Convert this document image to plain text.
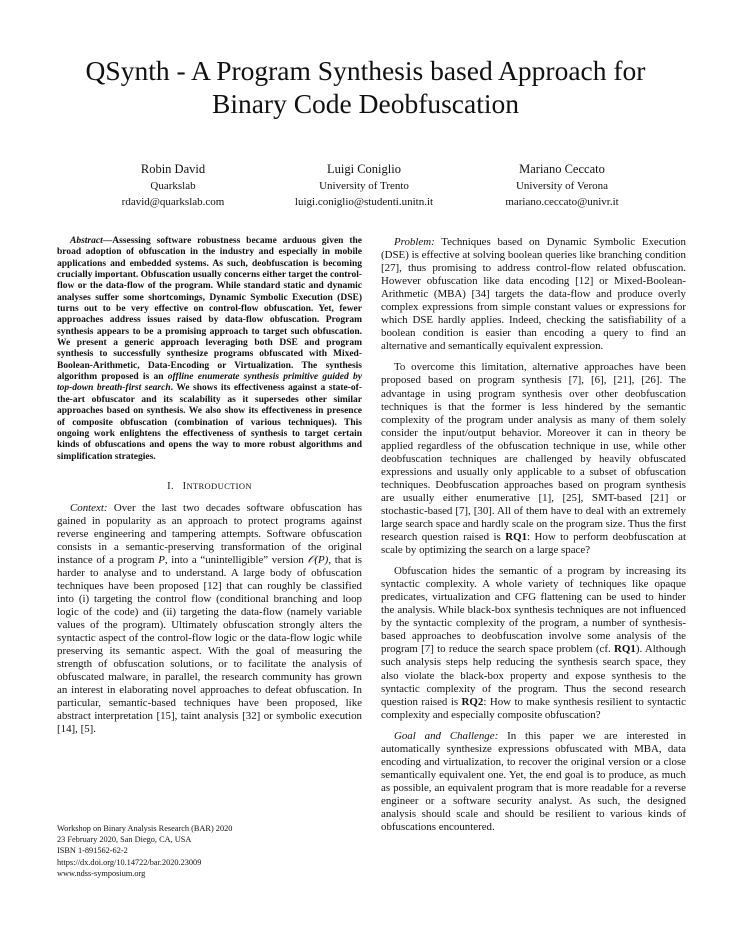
QSynth - A Program Synthesis based Approach for
Binary Code Deobfuscation
Robin David
Quarkslab
rdavid@quarkslab.com
Luigi Coniglio
University of Trento
luigi.coniglio@studenti.unitn.it
Mariano Ceccato
University of Verona
mariano.ceccato@univr.it

Abstract—Assessing software robustness became arduous given the broad adoption of obfuscation in the industry and especially in mobile applications and embedded systems. As such, deobfuscation is becoming crucially important. Obfuscation usually concerns either target the control-flow or the data-flow of the program. While standard static and dynamic analyses suffer some shortcomings, Dynamic Symbolic Execution (DSE) turns out to be very effective on control-flow obfuscation. Yet, fewer approaches address issues raised by data-flow obfuscation. Program synthesis appears to be a promising approach to target such obfuscation. We present a generic approach leveraging both DSE and program synthesis to successfully synthesize programs obfuscated with Mixed-Boolean-Arithmetic, Data-Encoding or Virtualization. The synthesis algorithm proposed is an offline enumerate synthesis primitive guided by top-down breath-first search. We shows its effectiveness against a state-of-the-art obfuscator and its scalability as it supersedes other similar approaches based on synthesis. We also show its effectiveness in presence of composite obfuscation (combination of various techniques). This ongoing work enlightens the effectiveness of synthesis to target certain kinds of obfuscations and opens the way to more robust algorithms and simplification strategies.

I. INTRODUCTION

Context: Over the last two decades software obfuscation has gained in popularity as an approach to protect programs against reverse engineering and tampering attempts. Software obfuscation consists in a semantic-preserving transformation of the original instance of a program P, into a “unintelligible” version 𝒪(P), that is harder to analyse and to understand. A large body of obfuscation techniques have been proposed [12] that can roughly be classified into (i) targeting the control flow (conditional branching and loop logic of the code) and (ii) targeting the data-flow (namely variable values of the program). Ultimately obfuscation strongly alters the syntactic aspect of the control-flow logic or the data-flow logic while preserving its semantic aspect. With the goal of measuring the strength of obfuscation solutions, or to facilitate the analysis of obfuscated malware, in parallel, the research community has grown an interest in elaborating novel approaches to defeat obfuscation. In particular, semantic-based techniques have been proposed, like abstract interpretation [15], taint analysis [32] or symbolic execution [14], [5].

Problem: Techniques based on Dynamic Symbolic Execution (DSE) is effective at solving boolean queries like branching condition [27], thus promising to address control-flow related obfuscation. However obfuscation like data encoding [12] or Mixed-Boolean-Arithmetic (MBA) [34] targets the data-flow and produce overly complex expressions from simple constant values or expressions for which DSE hardly applies. Indeed, checking the satisfiability of a boolean condition is easier than encoding a query to find an alternative and semantically equivalent expression.

To overcome this limitation, alternative approaches have been proposed based on program synthesis [7], [6], [21], [26]. The advantage in using program synthesis over other deobfuscation techniques is that the former is less hindered by the semantic complexity of the program under analysis as many of them solely consider the input/output behavior. Moreover it can in theory be applied regardless of the obfuscation technique in use, while other deobfuscation techniques are challenged by heavily obfuscated expressions and usually only applicable to a subset of obfuscation techniques. Deobfuscation approaches based on program synthesis are usually either enumerative [1], [25], SMT-based [21] or stochastic-based [7], [30]. All of them have to deal with an extremely large search space and hardly scale on the program size. Thus the first research question raised is RQ1: How to perform deobfuscation at scale by optimizing the search on a large space?

Obfuscation hides the semantic of a program by increasing its syntactic complexity. A whole variety of techniques like opaque predicates, virtualization and CFG flattening can be used to hinder the analysis. While black-box synthesis techniques are not influenced by the syntactic complexity of the program, a number of synthesis-based approaches to deobfuscation involve some analysis of the program [7] to reduce the search space problem (cf. RQ1). Although such analysis steps help reducing the synthesis search space, they also violate the black-box property and expose synthesis to the syntactic complexity of the program. Thus the second research question raised is RQ2: How to make synthesis resilient to syntactic complexity and especially composite obfuscation?

Goal and Challenge: In this paper we are interested in automatically synthesize expressions obfuscated with MBA, data encoding and virtualization, to recover the original version or a close semantically equivalent one. Yet, the end goal is to produce, as much as possible, an equivalent program that is more readable for a reverse engineer or a software security analyst. As such, the designed analysis should scale and should be resilient to various kinds of obfuscations encountered.

Workshop on Binary Analysis Research (BAR) 2020
23 February 2020, San Diego, CA, USA
ISBN 1-891562-62-2
https://dx.doi.org/10.14722/bar.2020.23009
www.ndss-symposium.org
